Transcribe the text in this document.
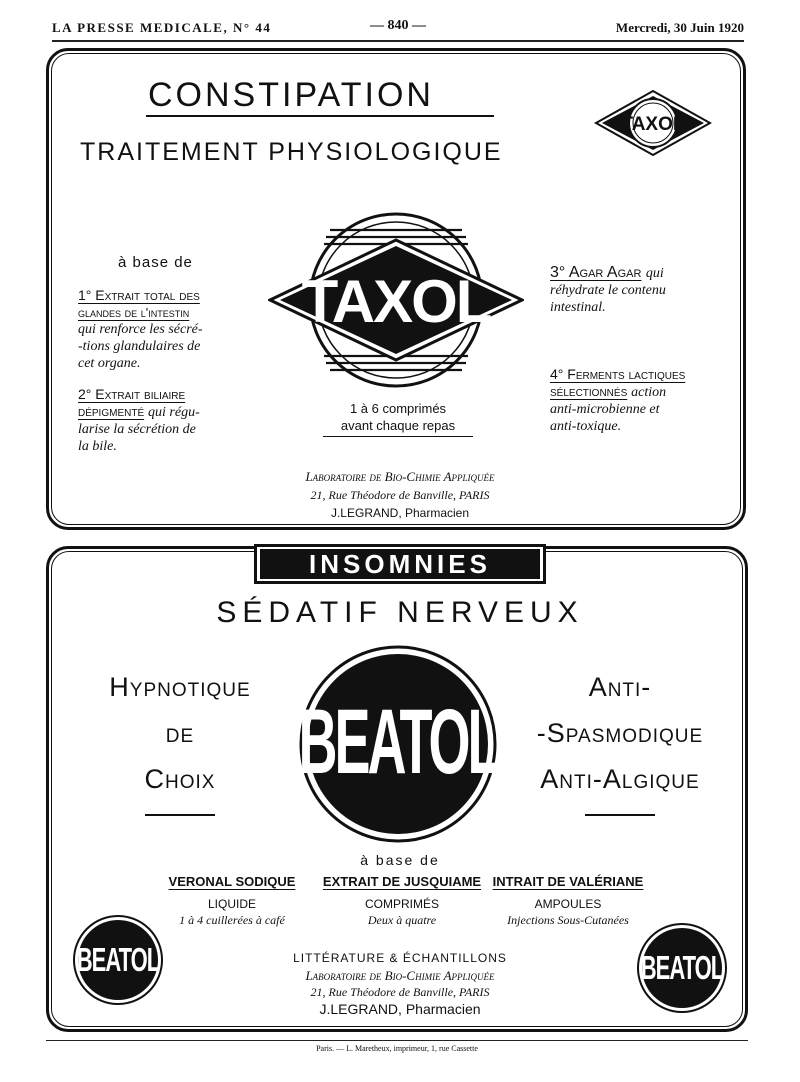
LA PRESSE MEDICALE, N° 44	— 840 —	Mercredi, 30 Juin 1920
CONSTIPATION
TRAITEMENT PHYSIOLOGIQUE
TAXOL
TAXOL
à base de
1° Extrait total des
glandes de l'intestin
qui renforce les sécré-
-tions glandulaires de
cet organe.
2° Extrait biliaire
dépigmenté qui régu-
larise la sécrétion de
la bile.
3° Agar Agar qui
réhydrate le contenu
intestinal.
4° Ferments lactiques
sélectionnés action
anti-microbienne et
anti-toxique.
1 à 6 comprimés
avant chaque repas
Laboratoire de Bio-Chimie Appliquée
21, Rue Théodore de Banville, PARIS
J.LEGRAND, Pharmacien
INSOMNIES
SÉDATIF NERVEUX
Hypnotique
de
Choix
Anti-
-Spasmodique
Anti-Algique
BEATOL
à base de
VERONAL SODIQUE
LIQUIDE
1 à 4 cuillerées à café
EXTRAIT DE JUSQUIAME
COMPRIMÉS
Deux à quatre
INTRAIT DE VALÉRIANE
AMPOULES
Injections Sous-Cutanées
BEATOL	BEATOL
LITTÉRATURE & ÉCHANTILLONS
Laboratoire de Bio-Chimie Appliquée
21, Rue Théodore de Banville, PARIS
J.LEGRAND, Pharmacien
Paris. — L. Maretheux, imprimeur, 1, rue Cassette
